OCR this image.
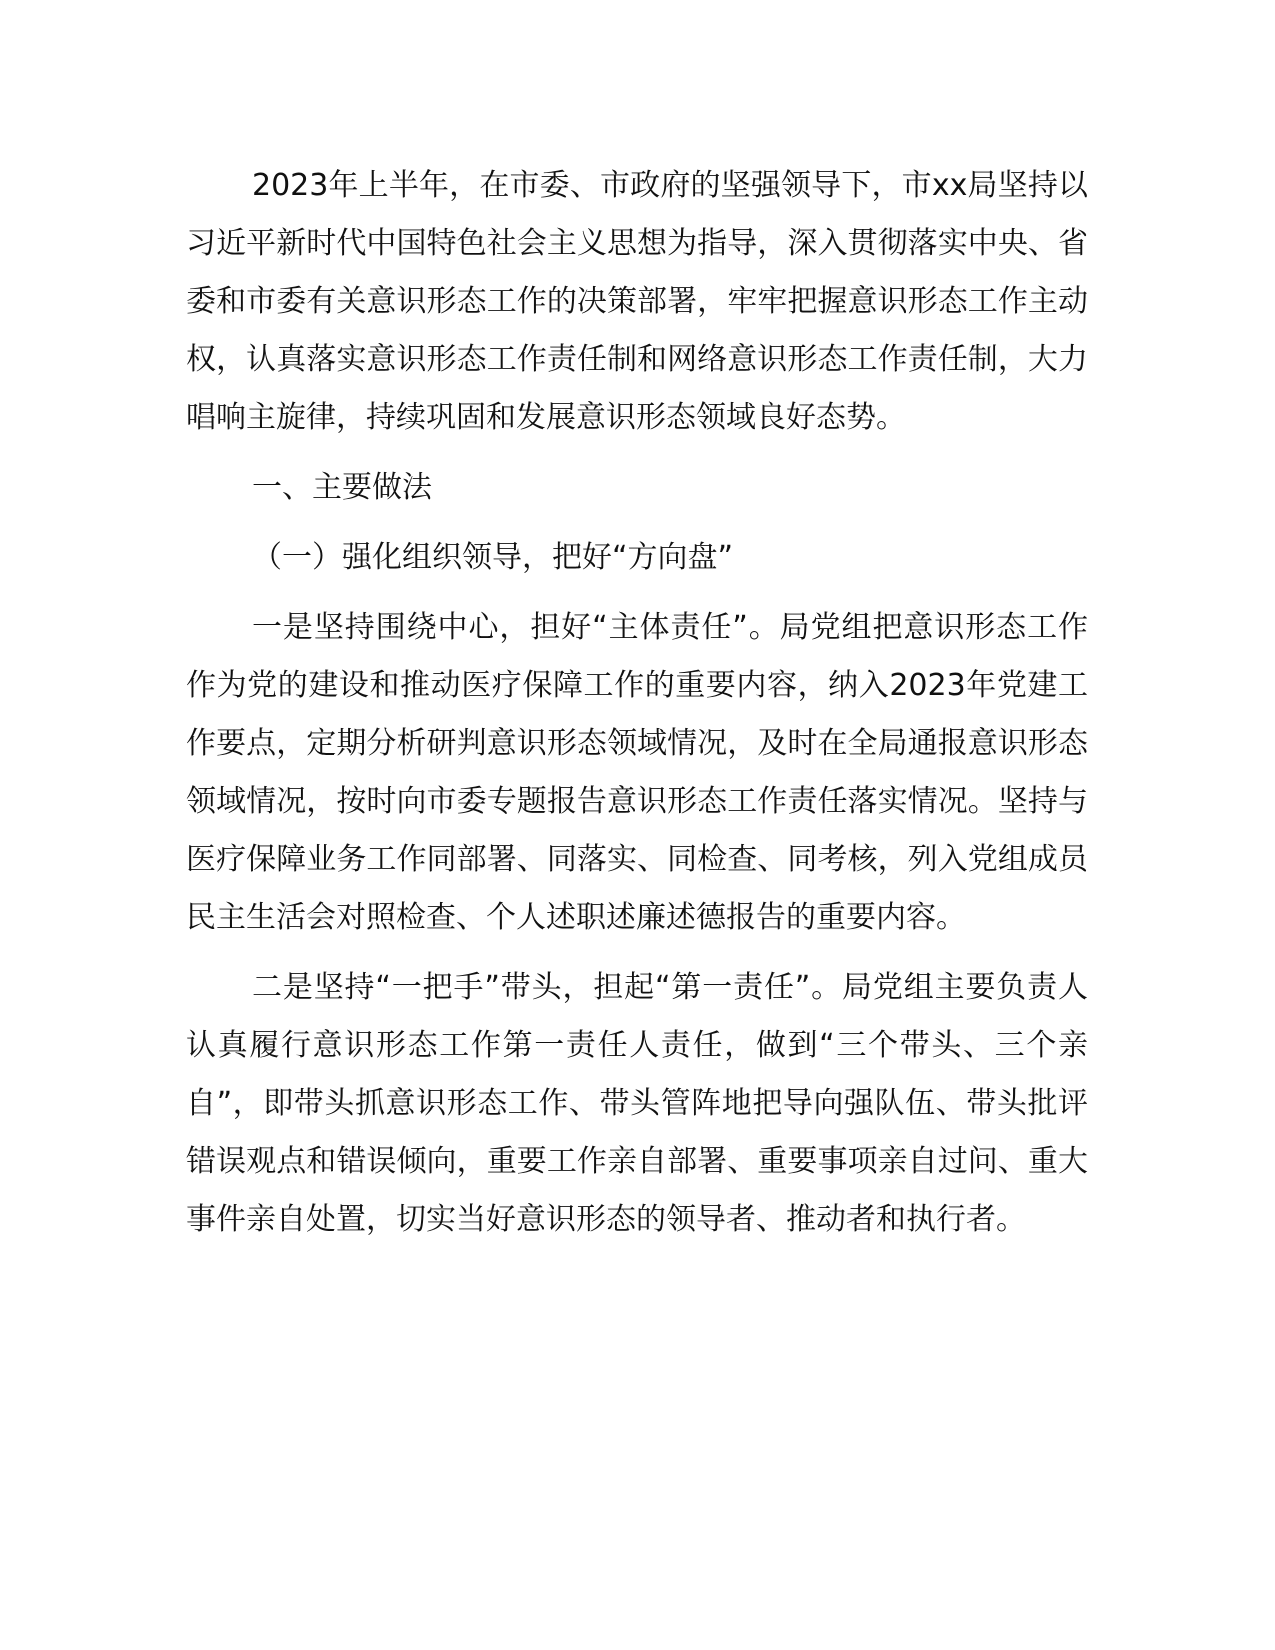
2023年上半年，在市委、市政府的坚强领导下，市xx局坚持以习近平新时代中国特色社会主义思想为指导，深入贯彻落实中央、省委和市委有关意识形态工作的决策部署，牢牢把握意识形态工作主动权，认真落实意识形态工作责任制和网络意识形态工作责任制，大力唱响主旋律，持续巩固和发展意识形态领域良好态势。

一、主要做法

（一）强化组织领导，把好“方向盘”

一是坚持围绕中心，担好“主体责任”。局党组把意识形态工作作为党的建设和推动医疗保障工作的重要内容，纳入2023年党建工作要点，定期分析研判意识形态领域情况，及时在全局通报意识形态领域情况，按时向市委专题报告意识形态工作责任落实情况。坚持与医疗保障业务工作同部署、同落实、同检查、同考核，列入党组成员民主生活会对照检查、个人述职述廉述德报告的重要内容。

二是坚持“一把手”带头，担起“第一责任”。局党组主要负责人认真履行意识形态工作第一责任人责任，做到“三个带头、三个亲自”，即带头抓意识形态工作、带头管阵地把导向强队伍、带头批评错误观点和错误倾向，重要工作亲自部署、重要事项亲自过问、重大事件亲自处置，切实当好意识形态的领导者、推动者和执行者。
